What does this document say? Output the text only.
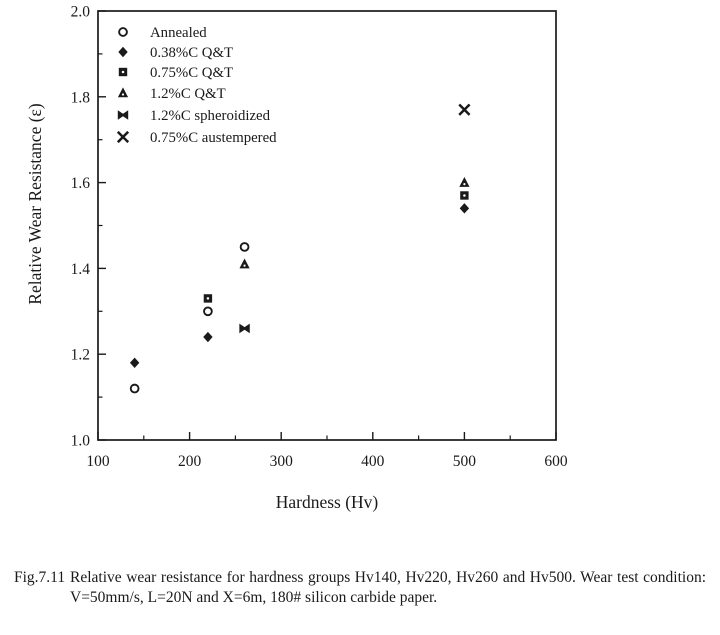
100	200	300	400	500	600
1.0
1.2
1.4
1.6
1.8
2.0
Hardness (Hv)
Relative Wear Resistance (ε)
Annealed
0.38%C Q&T
0.75%C Q&T
1.2%C Q&T
1.2%C spheroidized
0.75%C austempered
Fig.7.11 Relative wear resistance for hardness groups Hv140, Hv220, Hv260 and Hv500. Wear test condition: V=50mm/s, L=20N and X=6m, 180# silicon carbide paper.
